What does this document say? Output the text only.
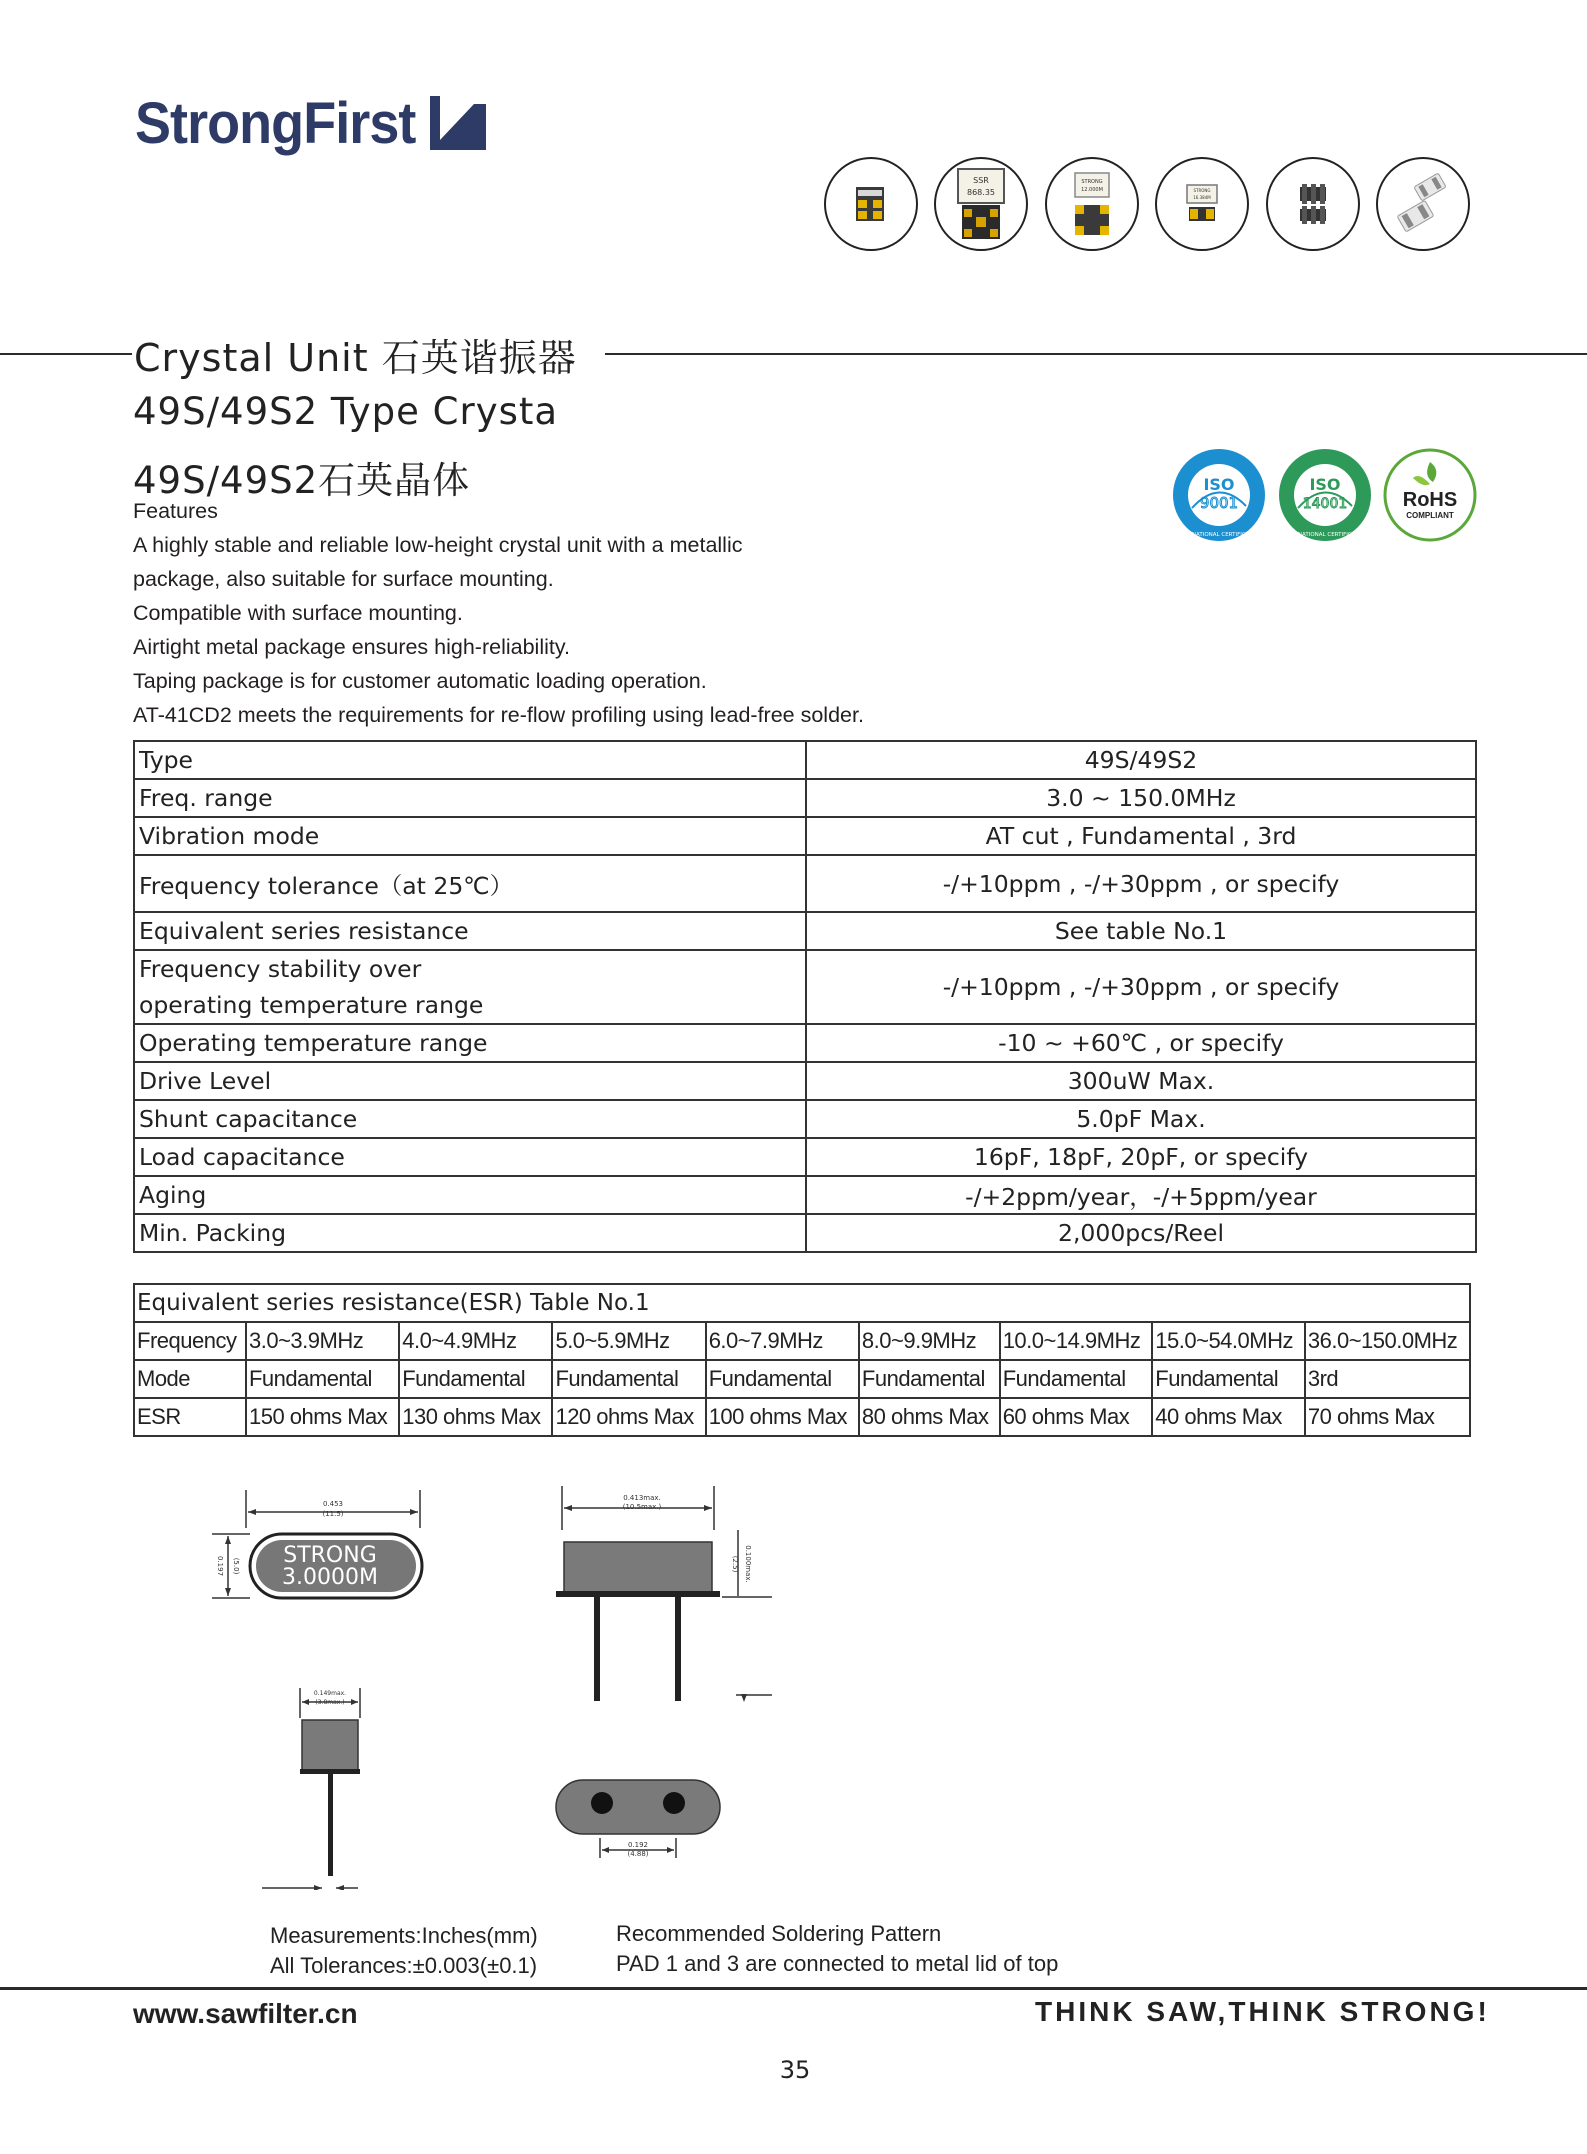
StrongFirst
SSR
868.35
STRONG
12.000M	STRONG
16.384M
Crystal Unit 石英谐振器
49S/49S2 Type Crysta
49S/49S2石英晶体	ISO
9001
INTERNATIONAL CERTIFICATION
ISO
14001
INTERNATIONAL CERTIFICATION
RoHS
COMPLIANT
Features
A highly stable and reliable low-height crystal unit with a metallic
package, also suitable for surface mounting.
Compatible with surface mounting.
Airtight metal package ensures high-reliability.
Taping package is for customer automatic loading operation.
AT-41CD2 meets the requirements for re-flow profiling using lead-free solder.
Type	49S/49S2
Freq. range	3.0 ~ 150.0MHz
Vibration mode	AT cut , Fundamental , 3rd
Frequency tolerance（at 25℃）	-/+10ppm , -/+30ppm , or specify
Equivalent series resistance	See table No.1

Frequency stability over
operating temperature range	-/+10ppm , -/+30ppm , or specify
Operating temperature range	-10 ~ +60℃ , or specify
Drive Level	300uW Max.
Shunt capacitance	5.0pF Max.
Load capacitance	16pF, 18pF, 20pF, or specify
Aging	-/+2ppm/year，-/+5ppm/year
Min. Packing	2,000pcs/Reel
Equivalent series resistance(ESR) Table No.1								
Frequency	3.0~3.9MHz	4.0~4.9MHz	5.0~5.9MHz	6.0~7.9MHz	8.0~9.9MHz	10.0~14.9MHz	15.0~54.0MHz	36.0~150.0MHz
Mode	Fundamental	Fundamental	Fundamental	Fundamental	Fundamental	Fundamental	Fundamental	3rd
ESR	150 ohms Max	130 ohms Max	120 ohms Max	100 ohms Max	80 ohms Max	60 ohms Max	40 ohms Max	70 ohms Max
0.453
(11.5)
0.197 (5.0) STRONG
3.0000M
0.413max.
(10.5max.)
0.100max.
(2.5)
0.149max.
(3.8max.)
0.192
(4.88)
Measurements:Inches(mm)
All Tolerances:±0.003(±0.1)
Recommended Soldering Pattern
PAD 1 and 3 are connected to metal lid of top
www.sawfilter.cn	THINK SAW,THINK STRONG!
35
